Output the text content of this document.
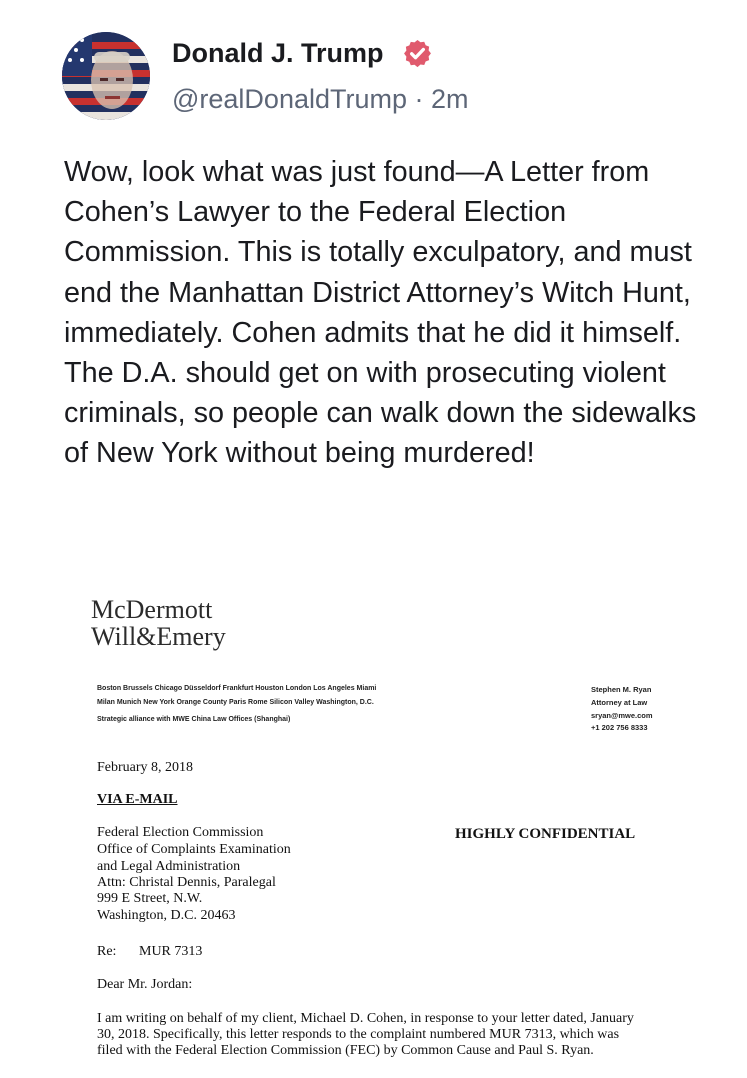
Donald J. Trump
@realDonaldTrump · 2m
Wow, look what was just found—A Letter from Cohen’s Lawyer to the Federal Election Commission. This is totally exculpatory, and must end the Manhattan District Attorney’s Witch Hunt, immediately. Cohen admits that he did it himself. The D.A. should get on with prosecuting violent criminals, so people can walk down the sidewalks of New York without being murdered!
McDermott
Will&Emery
Boston Brussels Chicago Düsseldorf Frankfurt Houston London Los Angeles Miami
Milan Munich New York Orange County Paris Rome Silicon Valley Washington, D.C.
Strategic alliance with MWE China Law Offices (Shanghai)
Stephen M. Ryan
Attorney at Law
sryan@mwe.com
+1 202 756 8333
February 8, 2018
VIA E-MAIL
Federal Election Commission
Office of Complaints Examination
and Legal Administration
Attn: Christal Dennis, Paralegal
999 E Street, N.W.
Washington, D.C. 20463
HIGHLY CONFIDENTIAL
Re: MUR 7313
Dear Mr. Jordan:
I am writing on behalf of my client, Michael D. Cohen, in response to your letter dated, January
30, 2018. Specifically, this letter responds to the complaint numbered MUR 7313, which was
filed with the Federal Election Commission (FEC) by Common Cause and Paul S. Ryan.
